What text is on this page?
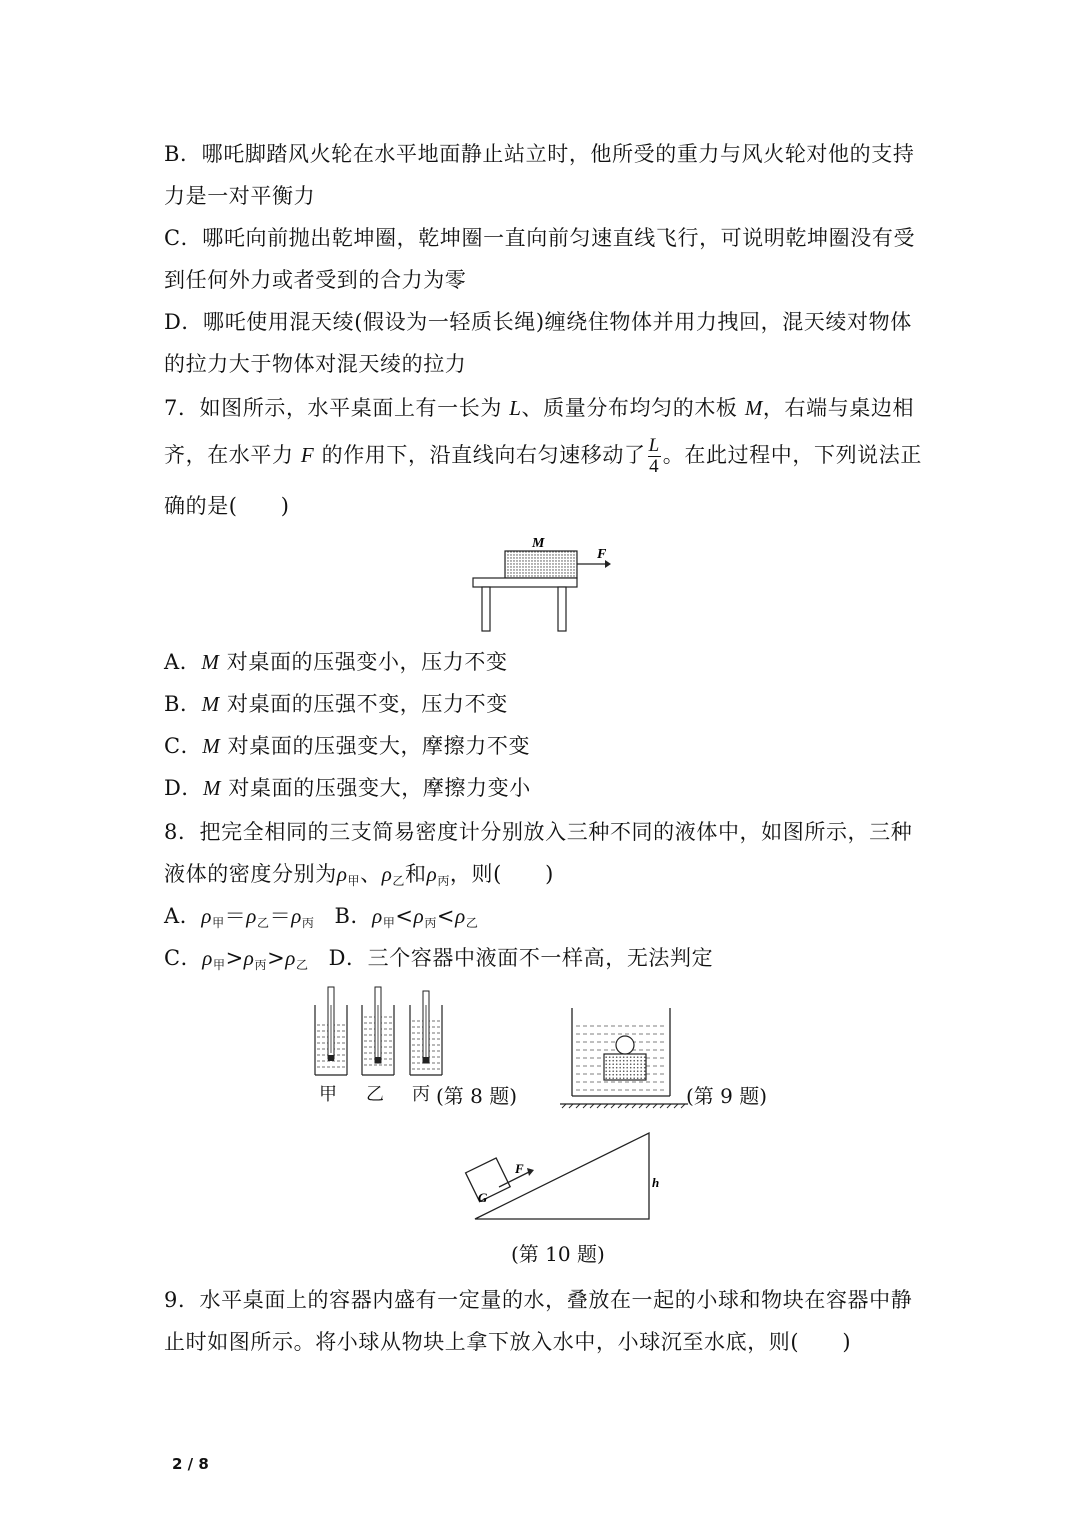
B．哪吒脚踏风火轮在水平地面静止站立时，他所受的重力与风火轮对他的支持
力是一对平衡力
C．哪吒向前抛出乾坤圈，乾坤圈一直向前匀速直线飞行，可说明乾坤圈没有受
到任何外力或者受到的合力为零
D．哪吒使用混天绫(假设为一轻质长绳)缠绕住物体并用力拽回，混天绫对物体
的拉力大于物体对混天绫的拉力
7．如图所示，水平桌面上有一长为 L、质量分布均匀的木板 M，右端与桌边相
齐，在水平力 F 的作用下，沿直线向右匀速移动了 $\frac{L}{4}$ 。在此过程中，下列说法正
确的是(　　)
M
F
A．M 对桌面的压强变小，压力不变
B．M 对桌面的压强不变，压力不变
C．M 对桌面的压强变大，摩擦力不变
D．M 对桌面的压强变大，摩擦力变小
8．把完全相同的三支简易密度计分别放入三种不同的液体中，如图所示，三种
液体的密度分别为ρ甲、ρ乙和ρ丙，则(　　)
A．ρ甲＝ρ乙＝ρ丙 B．ρ甲<ρ丙<ρ乙
C．ρ甲>ρ丙>ρ乙 D．三个容器中液面不一样高，无法判定
甲 乙 丙 (第 8 题)	(第 9 题)
G
F
h
(第 10 题)
9．水平桌面上的容器内盛有一定量的水，叠放在一起的小球和物块在容器中静
止时如图所示。将小球从物块上拿下放入水中，小球沉至水底，则(　　)
2 / 8
